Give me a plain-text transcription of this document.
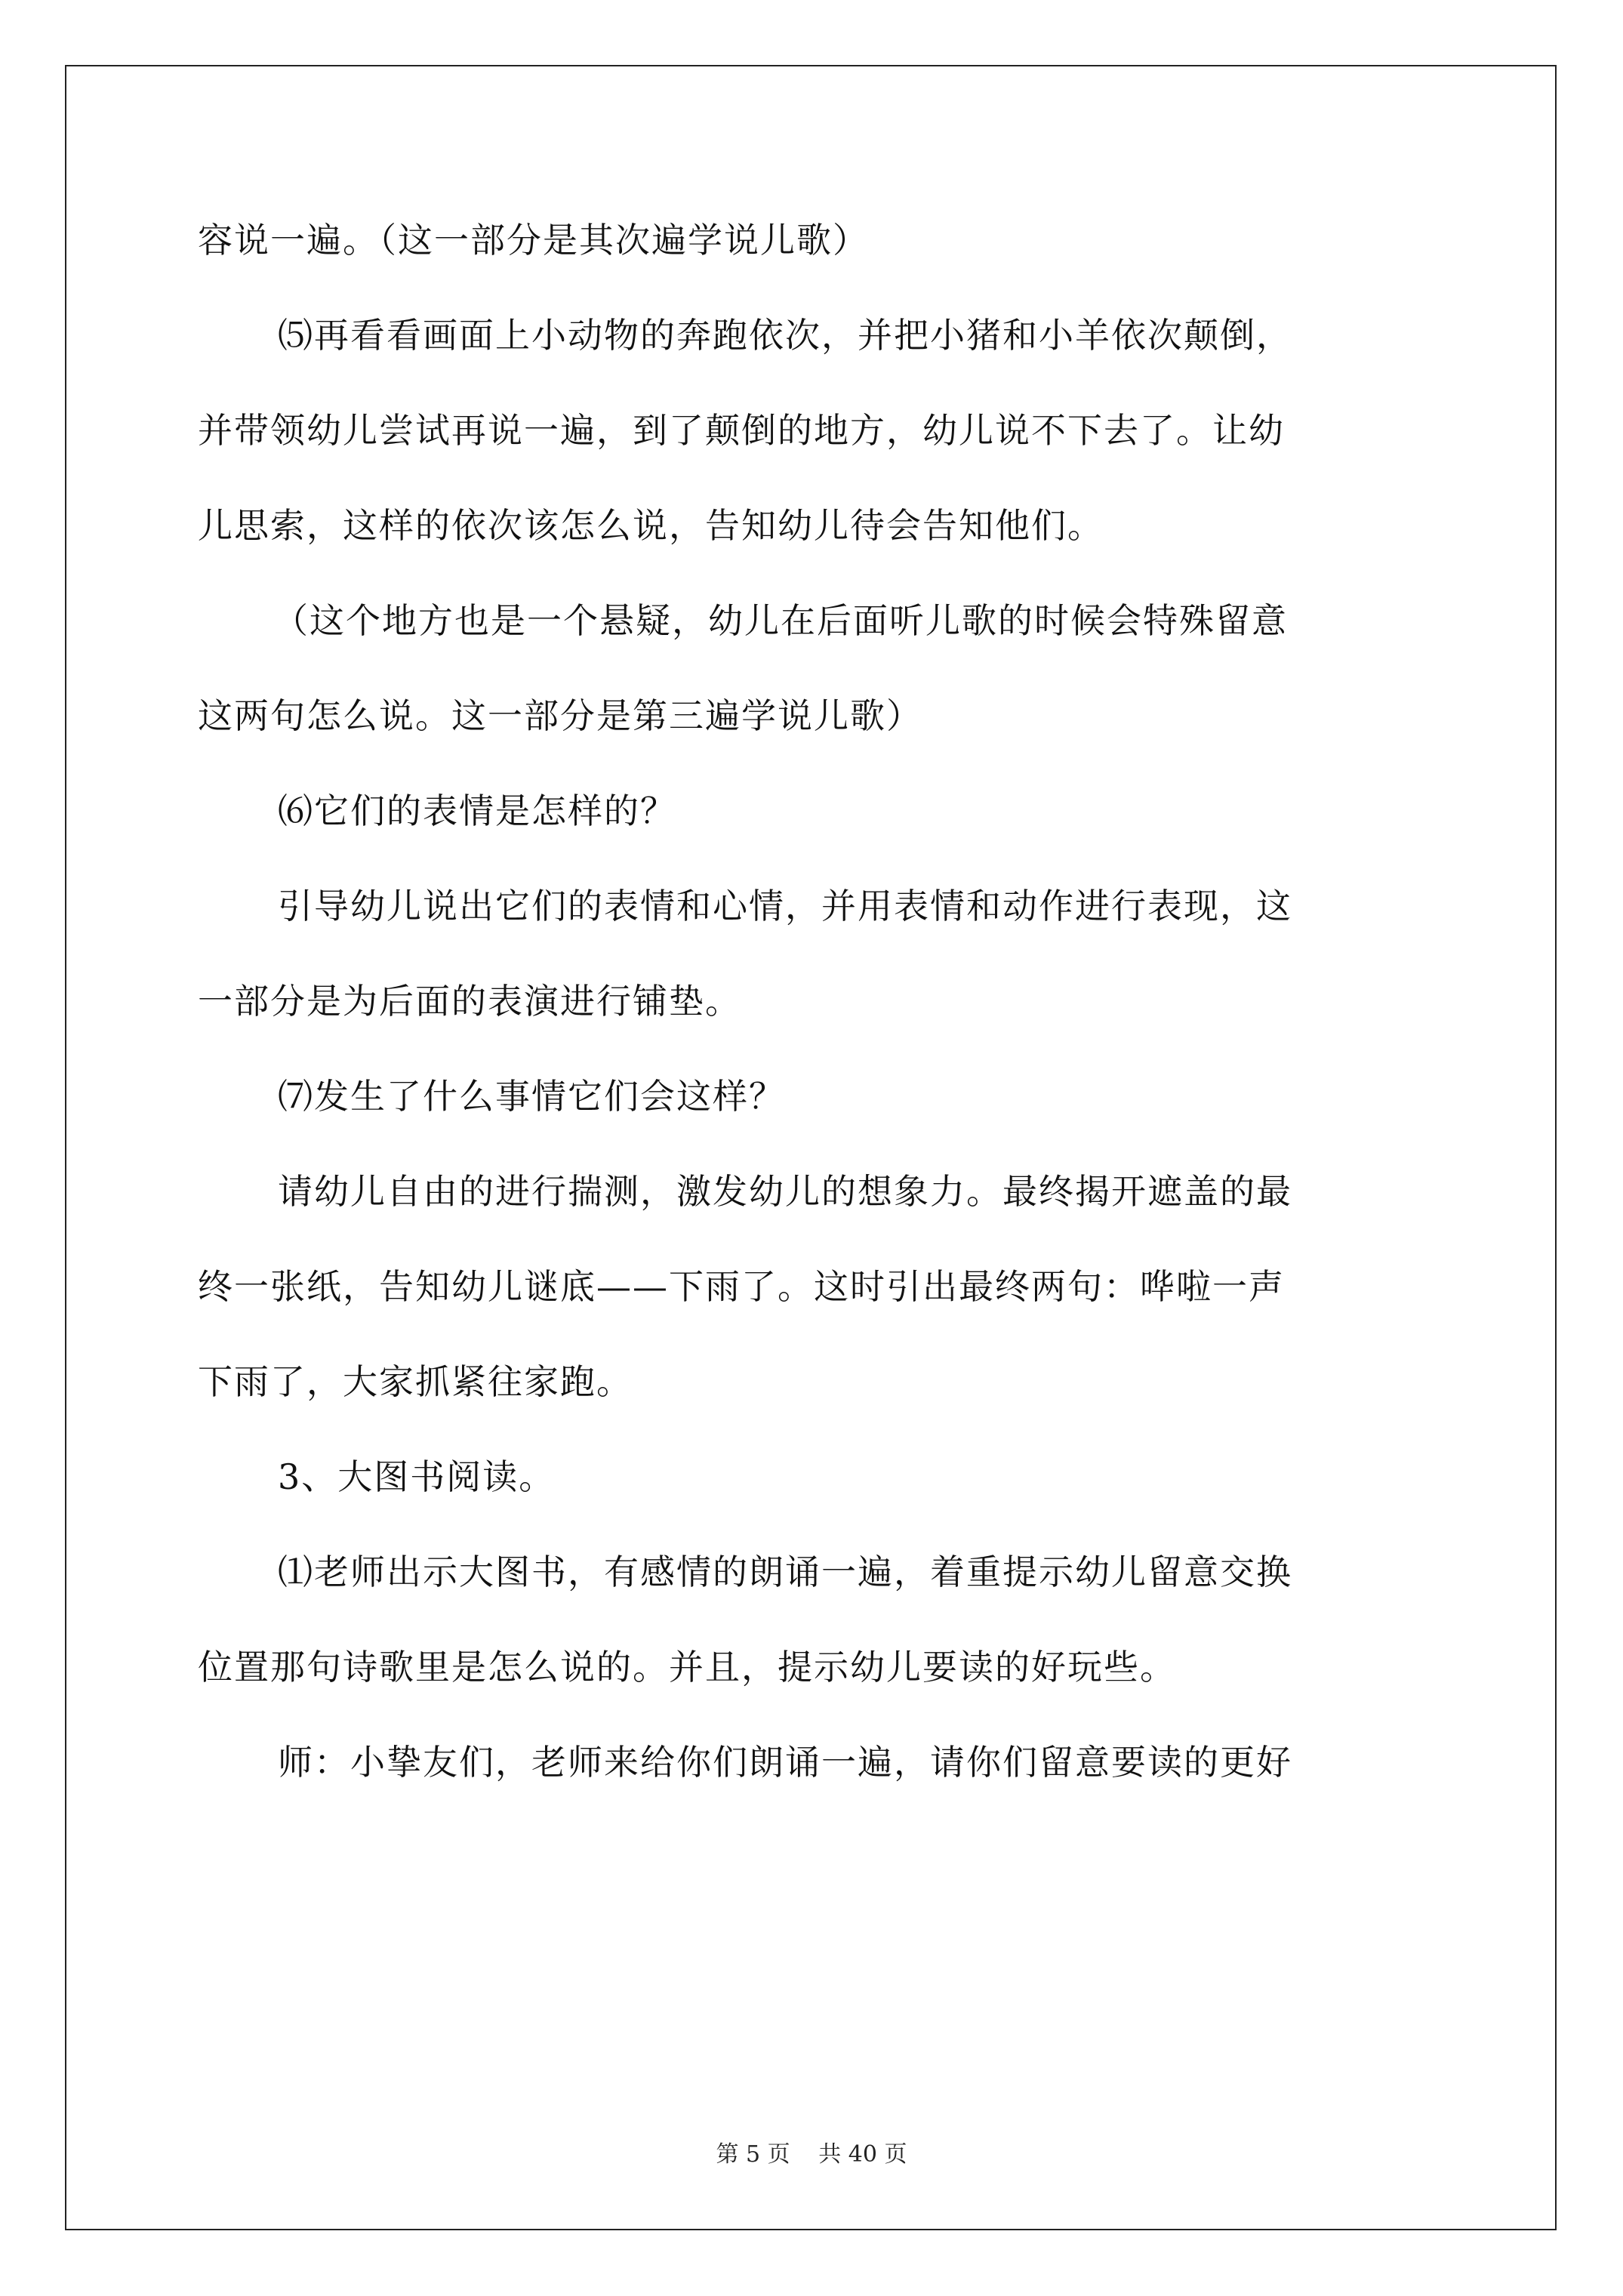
容说一遍。（这一部分是其次遍学说儿歌）
⑸再看看画面上小动物的奔跑依次，并把小猪和小羊依次颠倒，
并带领幼儿尝试再说一遍，到了颠倒的地方，幼儿说不下去了。让幼
儿思索，这样的依次该怎么说，告知幼儿待会告知他们。
（这个地方也是一个悬疑，幼儿在后面听儿歌的时候会特殊留意
这两句怎么说。这一部分是第三遍学说儿歌）
⑹它们的表情是怎样的？
引导幼儿说出它们的表情和心情，并用表情和动作进行表现，这
一部分是为后面的表演进行铺垫。
⑺发生了什么事情它们会这样？
请幼儿自由的进行揣测，激发幼儿的想象力。最终揭开遮盖的最
终一张纸，告知幼儿谜底——下雨了。这时引出最终两句：哗啦一声
下雨了，大家抓紧往家跑。
3、大图书阅读。
⑴老师出示大图书，有感情的朗诵一遍，着重提示幼儿留意交换
位置那句诗歌里是怎么说的。并且，提示幼儿要读的好玩些。
师：小挚友们，老师来给你们朗诵一遍，请你们留意要读的更好
第 5 页 共 40 页
